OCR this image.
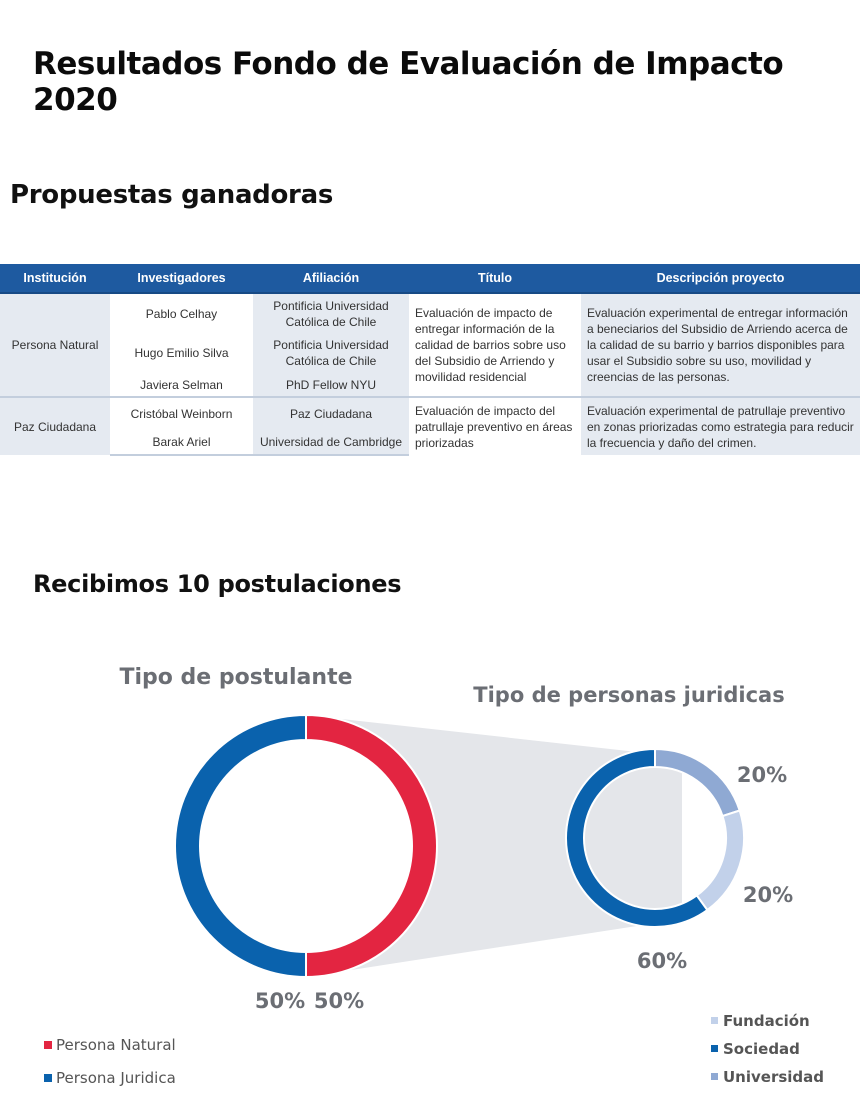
Resultados Fondo de Evaluación de Impacto 2020
Propuestas ganadoras
Institución	Investigadores	Afiliación	Título	Descripción proyecto
Persona Natural	Pablo Celhay	Pontificia Universidad Católica de Chile	Evaluación de impacto de entregar información de la calidad de barrios sobre uso del Subsidio de Arriendo y movilidad residencial	Evaluación experimental de entregar información a beneciarios del Subsidio de Arriendo acerca de la calidad de su barrio y barrios disponibles para usar el Subsidio sobre su uso, movilidad y creencias de las personas.
	Hugo Emilio Silva	Pontificia Universidad Católica de Chile		
	Javiera Selman	PhD Fellow NYU		
Paz Ciudadana	Cristóbal Weinborn	Paz Ciudadana	Evaluación de impacto del patrullaje preventivo en áreas priorizadas	Evaluación experimental de patrullaje preventivo en zonas priorizadas como estrategia para reducir la frecuencia y daño del crimen.
	Barak Ariel	Universidad de Cambridge		
Recibimos 10 postulaciones
Tipo de postulante
Tipo de personas juridicas
50% 50%
20%
20%
60%
Persona Natural
Persona Juridica
Fundación
Sociedad
Universidad
